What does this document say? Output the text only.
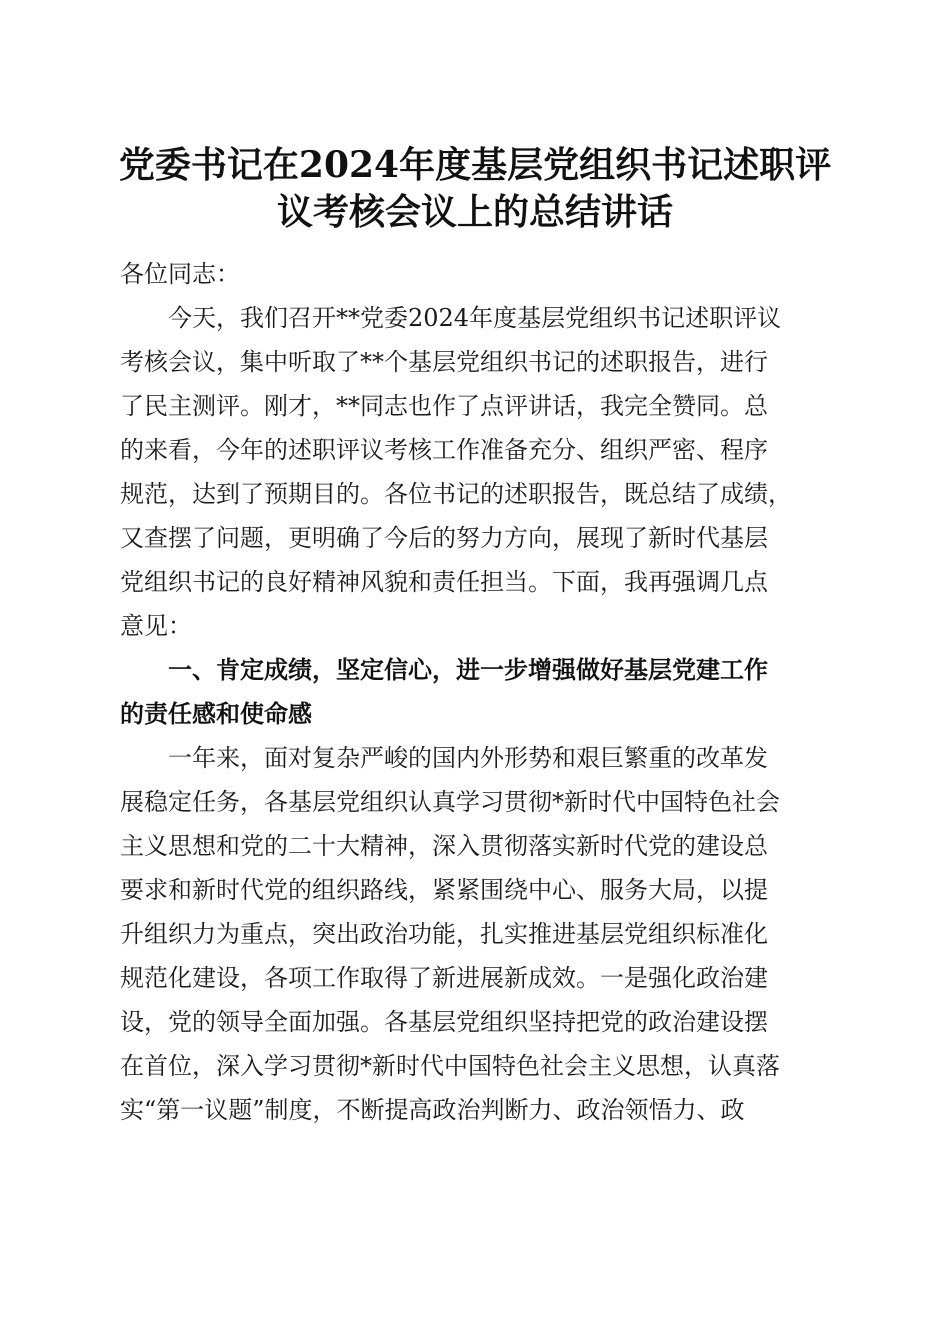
党委书记在2024年度基层党组织书记述职评
议考核会议上的总结讲话
各位同志：
　　今天，我们召开**党委2024年度基层党组织书记述职评议
考核会议，集中听取了**个基层党组织书记的述职报告，进行
了民主测评。刚才，**同志也作了点评讲话，我完全赞同。总
的来看，今年的述职评议考核工作准备充分、组织严密、程序
规范，达到了预期目的。各位书记的述职报告，既总结了成绩，
又查摆了问题，更明确了今后的努力方向，展现了新时代基层
党组织书记的良好精神风貌和责任担当。下面，我再强调几点
意见：
　　一、肯定成绩，坚定信心，进一步增强做好基层党建工作
的责任感和使命感
　　一年来，面对复杂严峻的国内外形势和艰巨繁重的改革发
展稳定任务，各基层党组织认真学习贯彻*新时代中国特色社会
主义思想和党的二十大精神，深入贯彻落实新时代党的建设总
要求和新时代党的组织路线，紧紧围绕中心、服务大局，以提
升组织力为重点，突出政治功能，扎实推进基层党组织标准化
规范化建设，各项工作取得了新进展新成效。一是强化政治建
设，党的领导全面加强。各基层党组织坚持把党的政治建设摆
在首位，深入学习贯彻*新时代中国特色社会主义思想，认真落
实“第一议题”制度，不断提高政治判断力、政治领悟力、政
